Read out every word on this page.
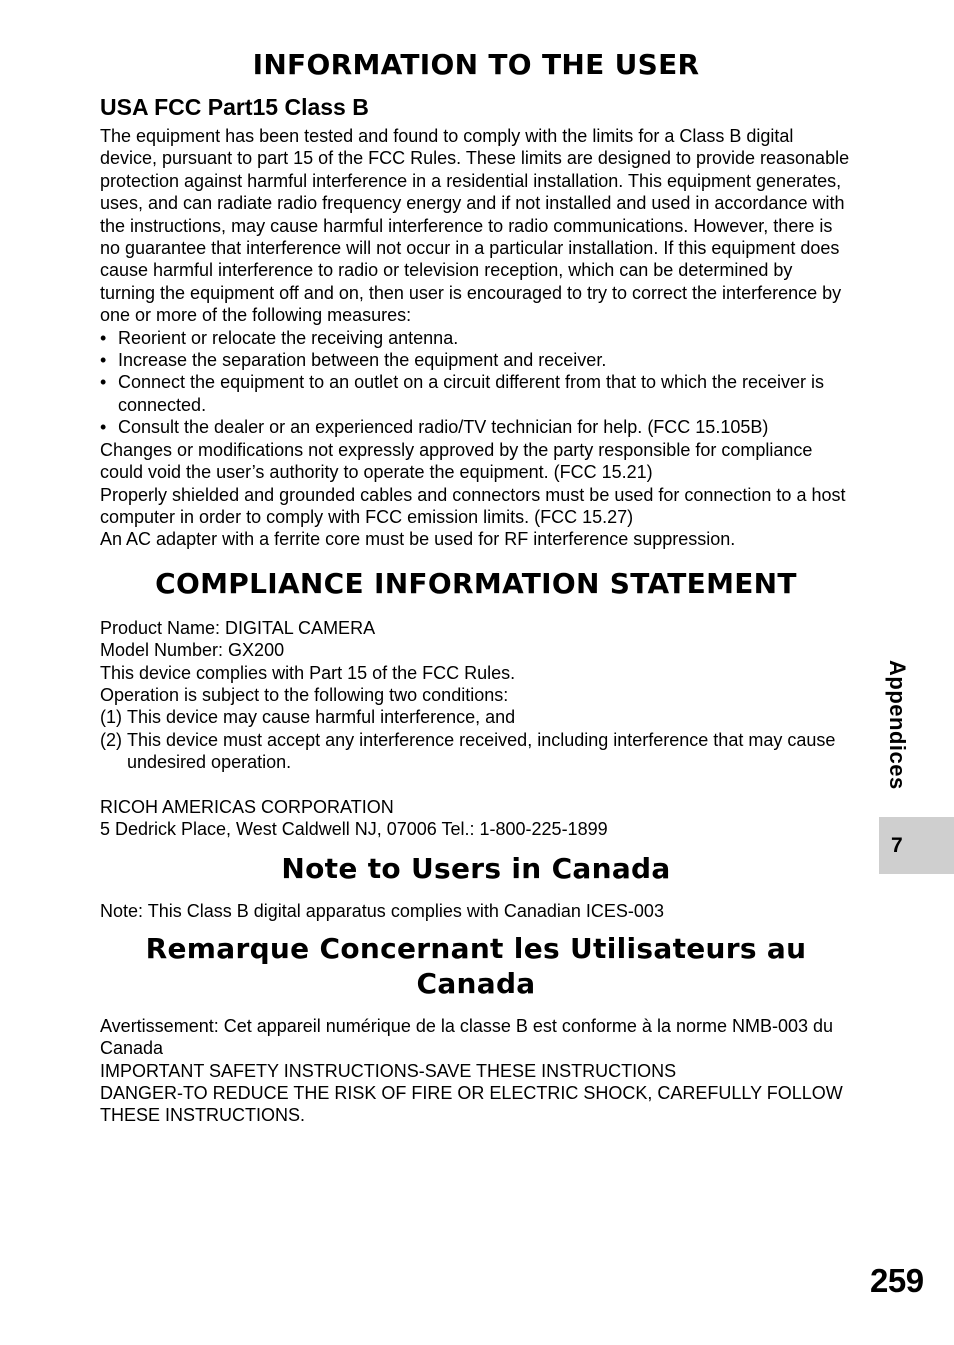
INFORMATION TO THE USER
USA FCC Part15 Class B

The equipment has been tested and found to comply with the limits for a Class B digital device, pursuant to part 15 of the FCC Rules. These limits are designed to provide reasonable protection against harmful interference in a residential installation. This equipment generates, uses, and can radiate radio frequency energy and if not installed and used in accordance with the instructions, may cause harmful interference to radio communications. However, there is no guarantee that interference will not occur in a particular installation. If this equipment does cause harmful interference to radio or television reception, which can be determined by turning the equipment off and on, then user is encouraged to try to correct the interference by one or more of the following measures:

• Reorient or relocate the receiving antenna.
• Increase the separation between the equipment and receiver.
• Connect the equipment to an outlet on a circuit different from that to which the receiver is connected.
• Consult the dealer or an experienced radio/TV technician for help. (FCC 15.105B)

Changes or modifications not expressly approved by the party responsible for compliance could void the user’s authority to operate the equipment. (FCC 15.21)

Properly shielded and grounded cables and connectors must be used for connection to a host computer in order to comply with FCC emission limits. (FCC 15.27)

An AC adapter with a ferrite core must be used for RF interference suppression.

COMPLIANCE INFORMATION STATEMENT
Product Name: DIGITAL CAMERA
Model Number: GX200
This device complies with Part 15 of the FCC Rules.
Operation is subject to the following two conditions:
(1) This device may cause harmful interference, and
(2) This device must accept any interference received, including interference that may cause undesired operation.
RICOH AMERICAS CORPORATION
5 Dedrick Place, West Caldwell NJ, 07006 Tel.: 1-800-225-1899
Note to Users in Canada
Note: This Class B digital apparatus complies with Canadian ICES-003
Remarque Concernant les Utilisateurs au Canada

Avertissement: Cet appareil numérique de la classe B est conforme à la norme NMB-003 du Canada

IMPORTANT SAFETY INSTRUCTIONS-SAVE THESE INSTRUCTIONS

DANGER-TO REDUCE THE RISK OF FIRE OR ELECTRIC SHOCK, CAREFULLY FOLLOW THESE INSTRUCTIONS.

Appendices
7
259
